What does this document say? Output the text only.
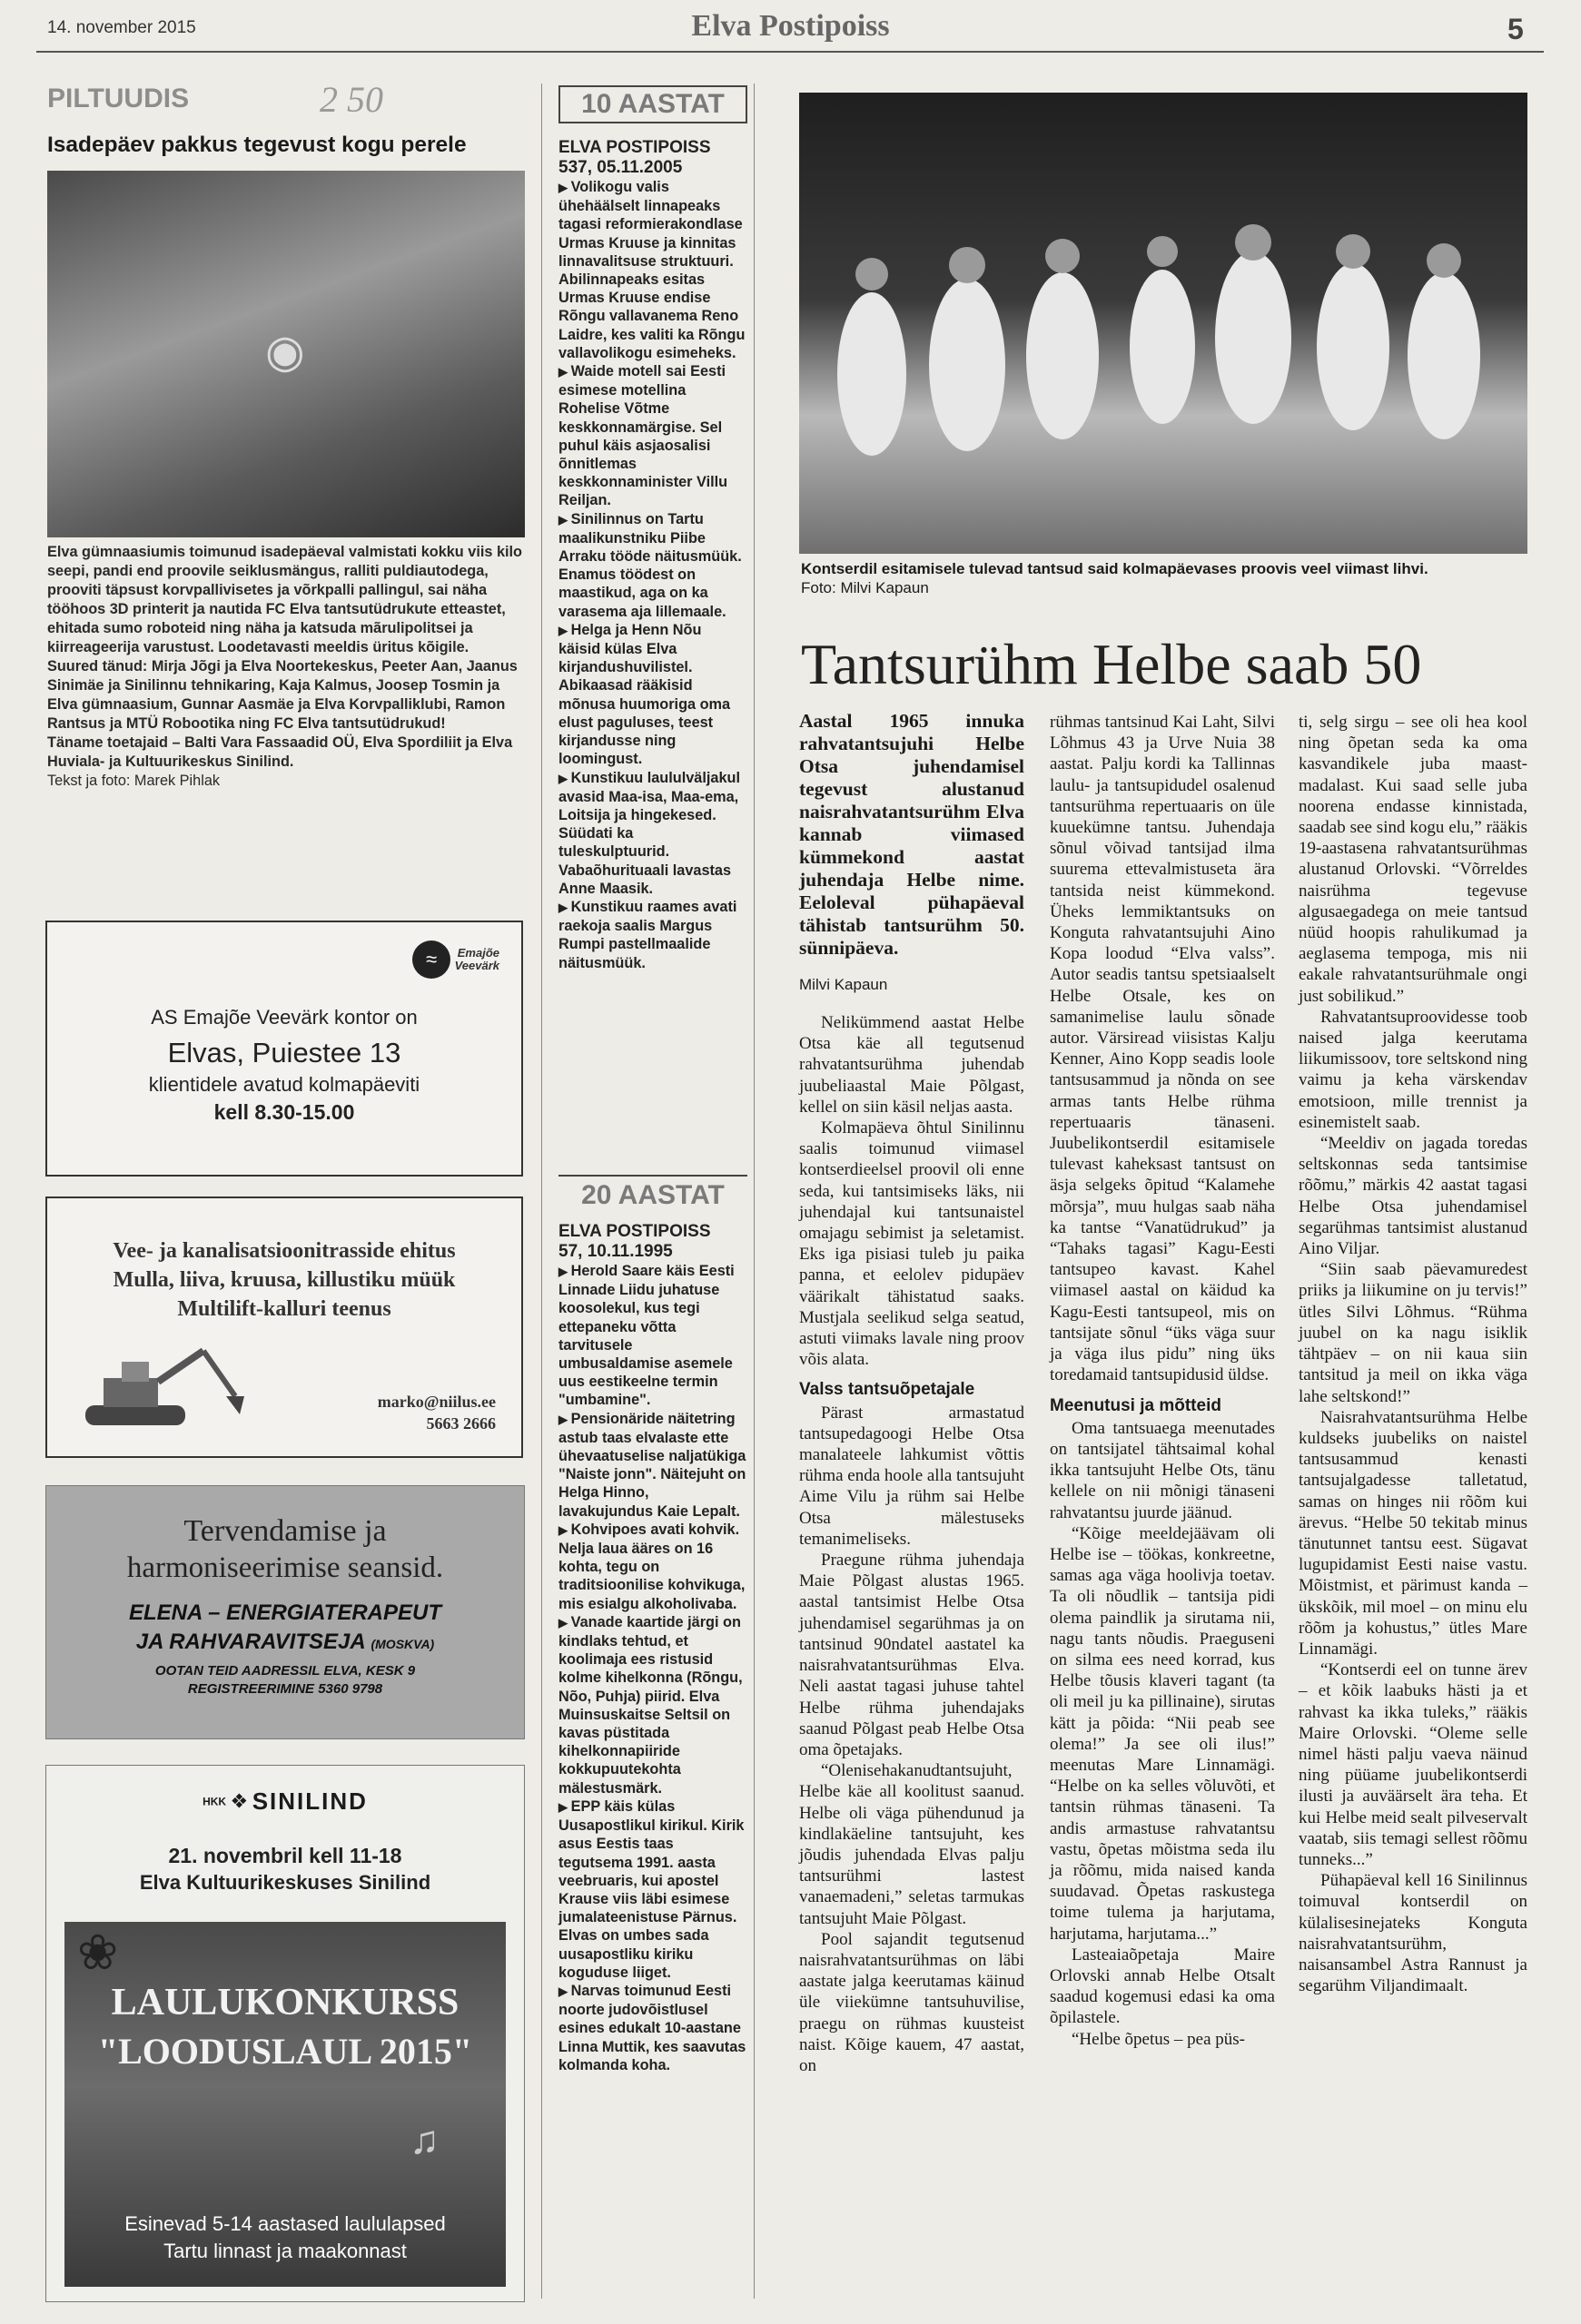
14. november 2015	Elva Postipoiss	5
PILTUUDIS	2 50
Isadepäev pakkus tegevust kogu perele
◉

Elva gümnaasiumis toimunud isadepäeval valmistati kokku viis kilo seepi, pandi end proovile seiklusmängus, ralliti puldiautodega, prooviti täpsust korvpallivisetes ja võrkpalli pallingul, sai näha tööhoos 3D printerit ja nautida FC Elva tantsutüdrukute etteastet, ehitada sumo roboteid ning näha ja katsuda mãrulipolitsei ja kiirreageerija varustust. Loodetavasti meeldis üritus kõigile.

Suured tänud: Mirja Jõgi ja Elva Noortekeskus, Peeter Aan, Jaanus Sinimäe ja Sinilinnu tehnikaring, Kaja Kalmus, Joosep Tosmin ja Elva gümnaasium, Gunnar Aasmäe ja Elva Korvpalliklubi, Ramon Rantsus ja MTÜ Robootika ning FC Elva tantsutüdrukud!

Täname toetajaid – Balti Vara Fassaadid OÜ, Elva Spordiliit ja Elva Huviala- ja Kultuurikeskus Sinilind.

Tekst ja foto: Marek Pihlak

≈ Emajõe
Veevärk
AS Emajõe Veevärk kontor on
Elvas, Puiestee 13
klientidele avatud kolmapäeviti
kell 8.30-15.00
Vee- ja kanalisatsioonitrasside ehitus
Mulla, liiva, kruusa, killustiku müük
Multilift-kalluri teenus
marko@niilus.ee
5663 2666
Tervendamise ja
harmoniseerimise seansid.
ELENA – ENERGIATERAPEUT
JA RAHVARAVITSEJA (MOSKVA)
OOTAN TEID AADRESSIL ELVA, KESK 9
REGISTREERIMINE 5360 9798
HKK ❖ SINILIND
21. novembril kell 11-18
Elva Kultuurikeskuses Sinilind
LAULUKONKURSS
"LOODUSLAUL 2015"
❀
♫
Esinevad 5-14 aastased laululapsed
Tartu linnast ja maakonnast
10 AASTAT
ELVA POSTIPOISS
537, 05.11.2005
▶ Volikogu valis ühehäälselt linnapeaks tagasi reformierakondlase Urmas Kruuse ja kinnitas linnavalitsuse struktuuri. Abilinnapeaks esitas Urmas Kruuse endise Rõngu vallavanema Reno Laidre, kes valiti ka Rõngu vallavolikogu esimeheks.
▶ Waide motell sai Eesti esimese motellina Rohelise Võtme keskkonnamärgise. Sel puhul käis asjaosalisi õnnitlemas keskkonnaminister Villu Reiljan.
▶ Sinilinnus on Tartu maalikunstniku Piibe Arraku tööde näitusmüük. Enamus töödest on maastikud, aga on ka varasema aja lillemaale.
▶ Helga ja Henn Nõu käisid külas Elva kirjandushuvilistel. Abikaasad rääkisid mõnusa huumoriga oma elust paguluses, teest kirjandusse ning loomingust.
▶ Kunstikuu laululväljakul avasid Maa-isa, Maa-ema, Loitsija ja hingekesed. Süüdati ka tuleskulptuurid. Vabaõhurituaali lavastas Anne Maasik.
▶ Kunstikuu raames avati raekoja saalis Margus Rumpi pastellmaalide näitusmüük.
20 AASTAT
ELVA POSTIPOISS
57, 10.11.1995
▶ Herold Saare käis Eesti Linnade Liidu juhatuse koosolekul, kus tegi ettepaneku võtta tarvitusele umbusaldamise asemele uus eestikeelne termin "umbamine".
▶ Pensionäride näitetring astub taas elvalaste ette ühevaatuselise naljatükiga "Naiste jonn". Näitejuht on Helga Hinno, lavakujundus Kaie Lepalt.
▶ Kohvipoes avati kohvik. Nelja laua ääres on 16 kohta, tegu on traditsioonilise kohvikuga, mis esialgu alkoholivaba.
▶ Vanade kaartide järgi on kindlaks tehtud, et koolimaja ees ristusid kolme kihelkonna (Rõngu, Nõo, Puhja) piirid. Elva Muinsuskaitse Seltsil on kavas püstitada kihelkonnapiiride kokkupuutekohta mälestusmärk.
▶ EPP käis külas Uusapostlikul kirikul. Kirik asus Eestis taas tegutsema 1991. aasta veebruaris, kui apostel Krause viis läbi esimese jumalateenistuse Pärnus. Elvas on umbes sada uusapostliku kiriku koguduse liiget.
▶ Narvas toimunud Eesti noorte judovõistlusel esines edukalt 10-aastane Linna Muttik, kes saavutas kolmanda koha.
Kontserdil esitamisele tulevad tantsud said kolmapäevases proovis veel viimast lihvi.
Foto: Milvi Kapaun
Tantsurühm Helbe saab 50
Aastal 1965 innuka rahvatantsujuhi Helbe Otsa juhendamisel tegevust alustanud naisrahvatantsurühm Elva kannab viimased kümmekond aastat juhendaja Helbe nime. Eeloleval pühapäeval tähistab tantsurühm 50. sünnipäeva.
Milvi Kapaun

Nelikümmend aastat Helbe Otsa käe all tegutsenud rahvatantsurühma juhendab juubeliaastal Maie Põlgast, kellel on siin käsil neljas aasta.

Kolmapäeva õhtul Sinilinnu saalis toimunud viimasel kontserdieelsel proovil oli enne seda, kui tantsimiseks läks, nii juhendajal kui tantsunaistel omajagu sebimist ja seletamist. Eks iga pisiasi tuleb ju paika panna, et eelolev pidupäev väärikalt tähistatud saaks. Mustjala seelikud selga seatud, astuti viimaks lavale ning proov võis alata.

Valss tantsuõpetajale

Pärast armastatud tantsupedagoogi Helbe Otsa manalateele lahkumist võttis rühma enda hoole alla tantsujuht Aime Vilu ja rühm sai Helbe Otsa mälestuseks temanimeliseks.

Praegune rühma juhendaja Maie Põlgast alustas 1965. aastal tantsimist Helbe Otsa juhendamisel segarühmas ja on tantsinud 90ndatel aastatel ka naisrahvatantsurühmas Elva. Neli aastat tagasi juhuse tahtel Helbe rühma juhendajaks saanud Põlgast peab Helbe Otsa oma õpetajaks.

“Olenisehakanudtantsujuht, Helbe käe all koolitust saanud. Helbe oli väga pühendunud ja kindlakäeline tantsujuht, kes jõudis juhendada Elvas palju tantsurühmi lastest vanaemadeni,” seletas tarmukas tantsujuht Maie Põlgast.

Pool sajandit tegutsenud naisrahvatantsurühmas on läbi aastate jalga keerutamas käinud üle viiekümne tantsuhuvilise, praegu on rühmas kuusteist naist. Kõige kauem, 47 aastat, on

rühmas tantsinud Kai Laht, Silvi Lõhmus 43 ja Urve Nuia 38 aastat. Palju kordi ka Tallinnas laulu- ja tantsupidudel osalenud tantsurühma repertuaaris on üle kuuekümne tantsu. Juhendaja sõnul võivad tantsijad ilma suurema ettevalmistuseta ära tantsida neist kümmekond. Üheks lemmiktantsuks on Konguta rahvatantsujuhi Aino Kopa loodud “Elva valss”. Autor seadis tantsu spetsiaalselt Helbe Otsale, kes on samanimelise laulu sõnade autor. Värsiread viisistas Kalju Kenner, Aino Kopp seadis loole tantsusammud ja nõnda on see armas tants Helbe rühma repertuaaris tänaseni. Juubelikontserdil esitamisele tulevast kaheksast tantsust on äsja selgeks õpitud “Kalamehe mõrsja”, muu hulgas saab näha ka tantse “Vanatüdrukud” ja “Tahaks tagasi” Kagu-Eesti tantsupeo kavast. Kahel viimasel aastal on käidud ka Kagu-Eesti tantsupeol, mis on tantsijate sõnul “üks väga suur ja väga ilus pidu” ning üks toredamaid tantsupidusid üldse.

Meenutusi ja mõtteid

Oma tantsuaega meenutades on tantsijatel tähtsaimal kohal ikka tantsujuht Helbe Ots, tänu kellele on nii mõnigi tänaseni rahvatantsu juurde jäänud.

“Kõige meeldejäävam oli Helbe ise – töökas, konkreetne, samas aga väga hoolivja toetav. Ta oli nõudlik – tantsija pidi olema paindlik ja sirutama nii, nagu tants nõudis. Praeguseni on silma ees need korrad, kus Helbe tõusis klaveri tagant (ta oli meil ju ka pillinaine), sirutas kätt ja põida: “Nii peab see olema!” Ja see oli ilus!” meenutas Mare Linnamägi. “Helbe on ka selles võluvõti, et tantsin rühmas tänaseni. Ta andis armastuse rahvatantsu vastu, õpetas mõistma seda ilu ja rõõmu, mida naised kanda suudavad. Õpetas raskustega toime tulema ja harjutama, harjutama, harjutama...”

Lasteaiaõpetaja Maire Orlovski annab Helbe Otsalt saadud kogemusi edasi ka oma õpilastele.

“Helbe õpetus – pea püs-

ti, selg sirgu – see oli hea kool ning õpetan seda ka oma kasvandikele juba maast-madalast. Kui saad selle juba noorena endasse kinnistada, saadab see sind kogu elu,” rääkis 19-aastasena rahvatantsurühmas alustanud Orlovski. “Võrreldes naisrühma tegevuse algusaegadega on meie tantsud nüüd hoopis rahulikumad ja aeglasema tempoga, mis nii eakale rahvatantsurühmale ongi just sobilikud.”

Rahvatantsuproovidesse toob naised jalga keerutama liikumissoov, tore seltskond ning vaimu ja keha värskendav emotsioon, mille trennist ja esinemistelt saab.

“Meeldiv on jagada toredas seltskonnas seda tantsimise rõõmu,” märkis 42 aastat tagasi Helbe Otsa juhendamisel segarühmas tantsimist alustanud Aino Viljar.

“Siin saab päevamuredest priiks ja liikumine on ju tervis!” ütles Silvi Lõhmus. “Rühma juubel on ka nagu isiklik tähtpäev – on nii kaua siin tantsitud ja meil on ikka väga lahe seltskond!”

Naisrahvatantsurühma Helbe kuldseks juubeliks on naistel tantsusammud kenasti tantsujalgadesse talletatud, samas on hinges nii rõõm kui ärevus. “Helbe 50 tekitab minus tänutunnet tantsu eest. Sügavat lugupidamist Eesti naise vastu. Mõistmist, et pärimust kanda – ükskõik, mil moel – on minu elu rõõm ja kohustus,” ütles Mare Linnamägi.

“Kontserdi eel on tunne ärev – et kõik laabuks hästi ja et rahvast ka ikka tuleks,” rääkis Maire Orlovski. “Oleme selle nimel hästi palju vaeva näinud ning püüame juubelikontserdi ilusti ja auväärselt ära teha. Et kui Helbe meid sealt pilveservalt vaatab, siis temagi sellest rõõmu tunneks...”

Pühapäeval kell 16 Sinilinnus toimuval kontserdil on külalisesinejateks Konguta naisrahvatantsurühm, naisansambel Astra Rannust ja segarühm Viljandimaalt.
